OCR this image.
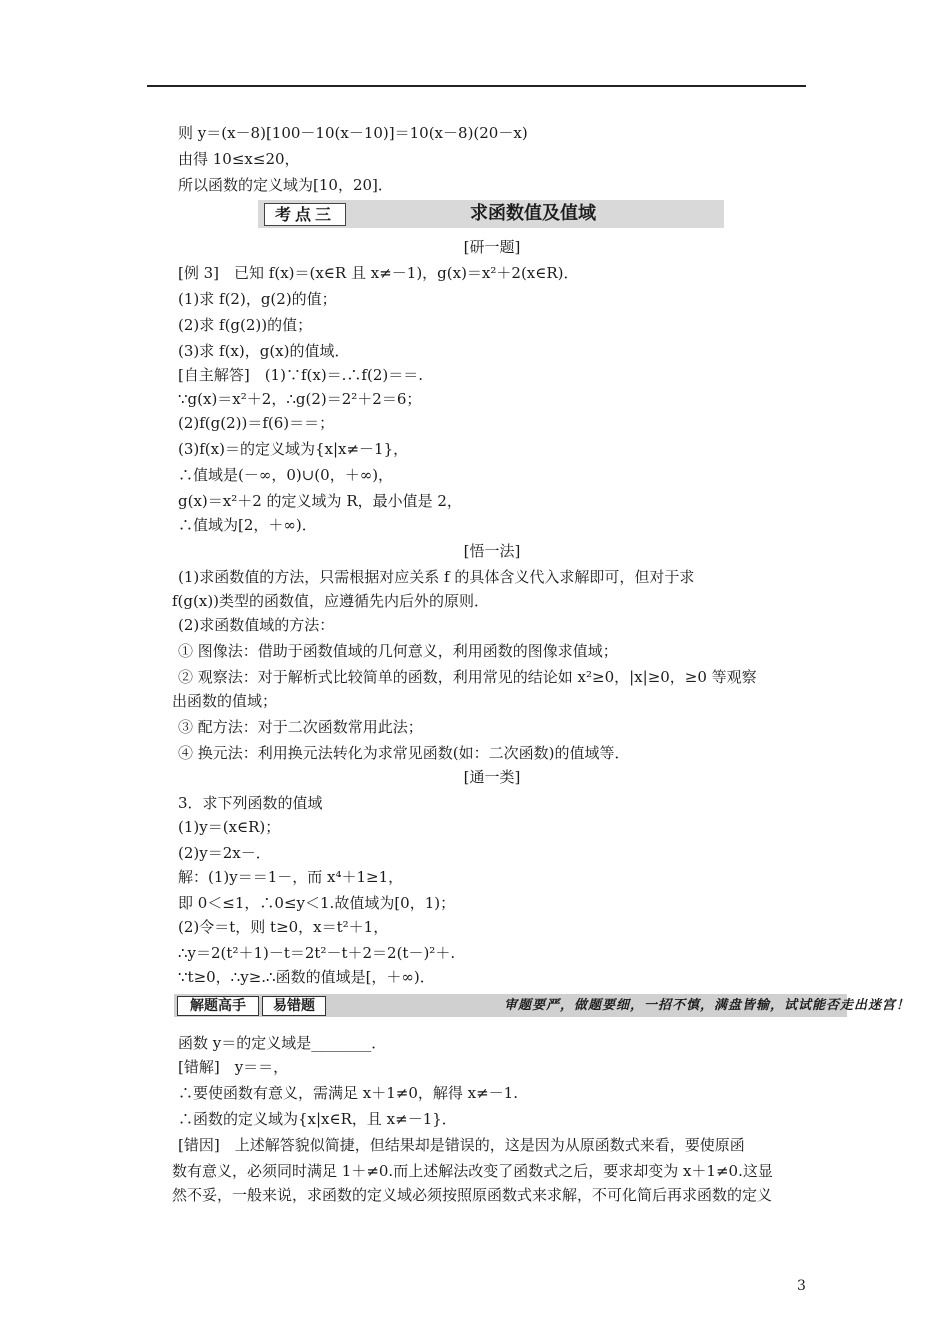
则 y＝(x－8)[100－10(x－10)]＝10(x－8)(20－x)
由得 10≤x≤20，
所以函数的定义域为[10，20]．
考点三	求函数值及值域
[研一题]
[例 3]　已知 f(x)＝(x∈R 且 x≠－1)，g(x)＝x²＋2(x∈R)．
(1)求 f(2)，g(2)的值；
(2)求 f(g(2))的值；
(3)求 f(x)，g(x)的值域．
[自主解答]　(1)∵f(x)＝.∴f(2)＝＝.
∵g(x)＝x²＋2，∴g(2)＝2²＋2＝6；
(2)f(g(2))＝f(6)＝＝；
(3)f(x)＝的定义域为{x|x≠－1}，
∴值域是(－∞，0)∪(0，＋∞)，
g(x)＝x²＋2 的定义域为 R，最小值是 2，
∴值域为[2，＋∞)．
[悟一法]
(1)求函数值的方法，只需根据对应关系 f 的具体含义代入求解即可，但对于求
f(g(x))类型的函数值，应遵循先内后外的原则．
(2)求函数值域的方法：
① 图像法：借助于函数值域的几何意义，利用函数的图像求值域；
② 观察法：对于解析式比较简单的函数，利用常见的结论如 x²≥0，|x|≥0，≥0 等观察
出函数的值域；
③ 配方法：对于二次函数常用此法；
④ 换元法：利用换元法转化为求常见函数(如：二次函数)的值域等．
[通一类]
3．求下列函数的值域
(1)y＝(x∈R)；
(2)y＝2x－．
解：(1)y＝＝1－，而 x⁴＋1≥1，
即 0＜≤1，∴0≤y＜1.故值域为[0，1)；
(2)令＝t，则 t≥0，x＝t²＋1，
∴y＝2(t²＋1)－t＝2t²－t＋2＝2(t－)²＋.
∵t≥0，∴y≥.∴函数的值域是[，＋∞)．
解题高手	易错题	审题要严，做题要细，一招不慎，满盘皆输，试试能否走出迷宫！
函数 y＝的定义域是________．
[错解]　y＝＝，
∴要使函数有意义，需满足 x＋1≠0，解得 x≠－1.
∴函数的定义域为{x|x∈R，且 x≠－1}．
[错因]　上述解答貌似简捷，但结果却是错误的，这是因为从原函数式来看，要使原函
数有意义，必须同时满足 1＋≠0.而上述解法改变了函数式之后，要求却变为 x＋1≠0.这显
然不妥，一般来说，求函数的定义域必须按照原函数式来求解，不可化简后再求函数的定义
3
